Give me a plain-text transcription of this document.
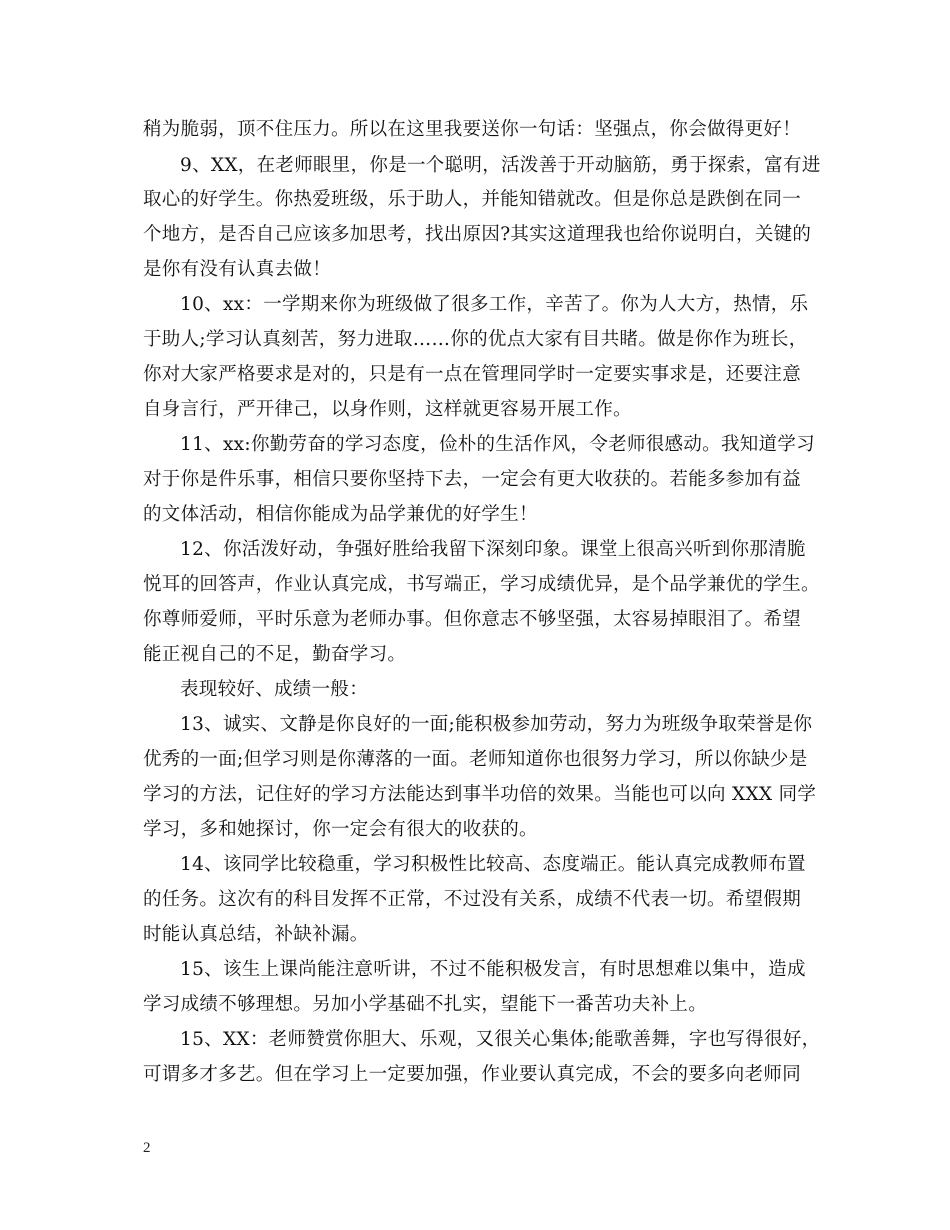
稍为脆弱，顶不住压力。所以在这里我要送你一句话：坚强点，你会做得更好！
9、XX，在老师眼里，你是一个聪明，活泼善于开动脑筋，勇于探索，富有进
取心的好学生。你热爱班级，乐于助人，并能知错就改。但是你总是跌倒在同一
个地方，是否自己应该多加思考，找出原因?其实这道理我也给你说明白，关键的
是你有没有认真去做！
10、xx：一学期来你为班级做了很多工作，辛苦了。你为人大方，热情，乐
于助人;学习认真刻苦，努力进取……你的优点大家有目共睹。做是你作为班长，
你对大家严格要求是对的，只是有一点在管理同学时一定要实事求是，还要注意
自身言行，严开律己，以身作则，这样就更容易开展工作。
11、xx:你勤劳奋的学习态度，俭朴的生活作风，令老师很感动。我知道学习
对于你是件乐事，相信只要你坚持下去，一定会有更大收获的。若能多参加有益
的文体活动，相信你能成为品学兼优的好学生！
12、你活泼好动，争强好胜给我留下深刻印象。课堂上很高兴听到你那清脆
悦耳的回答声，作业认真完成，书写端正，学习成绩优异，是个品学兼优的学生。
你尊师爱师，平时乐意为老师办事。但你意志不够坚强，太容易掉眼泪了。希望
能正视自己的不足，勤奋学习。
表现较好、成绩一般：
13、诚实、文静是你良好的一面;能积极参加劳动，努力为班级争取荣誉是你
优秀的一面;但学习则是你薄落的一面。老师知道你也很努力学习，所以你缺少是
学习的方法，记住好的学习方法能达到事半功倍的效果。当能也可以向 XXX 同学
学习，多和她探讨，你一定会有很大的收获的。
14、该同学比较稳重，学习积极性比较高、态度端正。能认真完成教师布置
的任务。这次有的科目发挥不正常，不过没有关系，成绩不代表一切。希望假期
时能认真总结，补缺补漏。
15、该生上课尚能注意听讲，不过不能积极发言，有时思想难以集中，造成
学习成绩不够理想。另加小学基础不扎实，望能下一番苦功夫补上。
15、XX：老师赞赏你胆大、乐观，又很关心集体;能歌善舞，字也写得很好，
可谓多才多艺。但在学习上一定要加强，作业要认真完成，不会的要多向老师同
2
